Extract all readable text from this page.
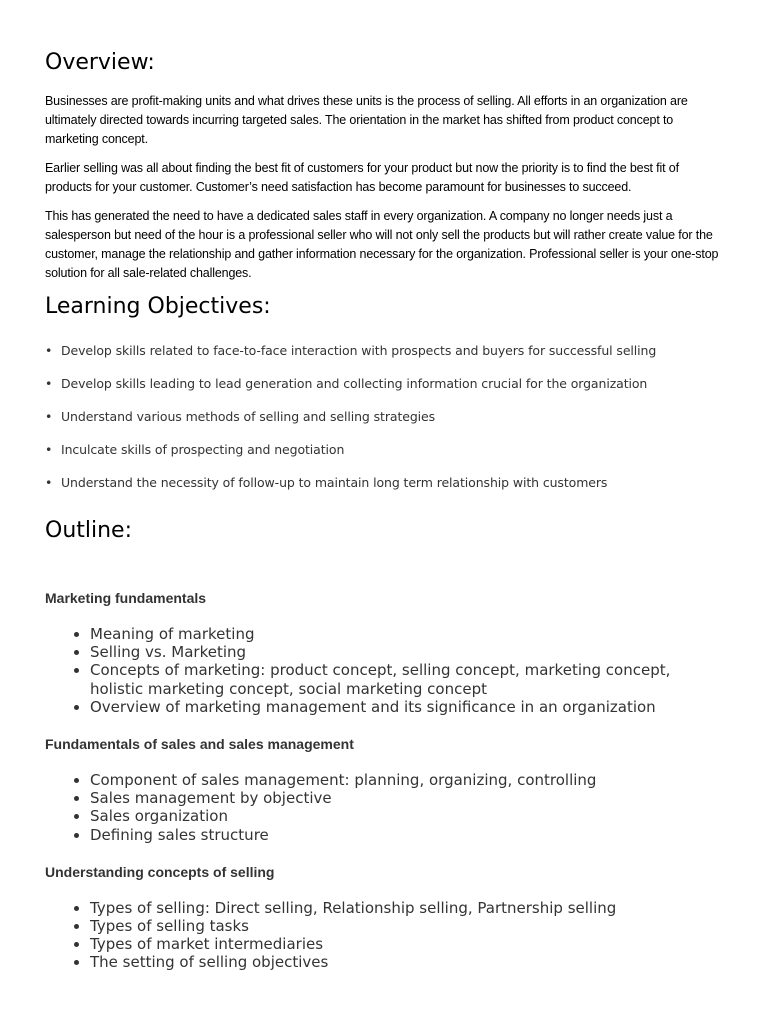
Overview:

Businesses are profit-making units and what drives these units is the process of selling. All efforts in an organization are ultimately directed towards incurring targeted sales. The orientation in the market has shifted from product concept to marketing concept.

Earlier selling was all about finding the best fit of customers for your product but now the priority is to find the best fit of products for your customer. Customer’s need satisfaction has become paramount for businesses to succeed.

This has generated the need to have a dedicated sales staff in every organization. A company no longer needs just a salesperson but need of the hour is a professional seller who will not only sell the products but will rather create value for the customer, manage the relationship and gather information necessary for the organization. Professional seller is your one-stop solution for all sale-related challenges.

Learning Objectives:
• Develop skills related to face-to-face interaction with prospects and buyers for successful selling
• Develop skills leading to lead generation and collecting information crucial for the organization
• Understand various methods of selling and selling strategies
• Inculcate skills of prospecting and negotiation
• Understand the necessity of follow-up to maintain long term relationship with customers
Outline:

Marketing fundamentals

• Meaning of marketing
• Selling vs. Marketing
• Concepts of marketing: product concept, selling concept, marketing concept, holistic marketing concept, social marketing concept
• Overview of marketing management and its significance in an organization

Fundamentals of sales and sales management

• Component of sales management: planning, organizing, controlling
• Sales management by objective
• Sales organization
• Defining sales structure

Understanding concepts of selling

• Types of selling: Direct selling, Relationship selling, Partnership selling
• Types of selling tasks
• Types of market intermediaries
• The setting of selling objectives
